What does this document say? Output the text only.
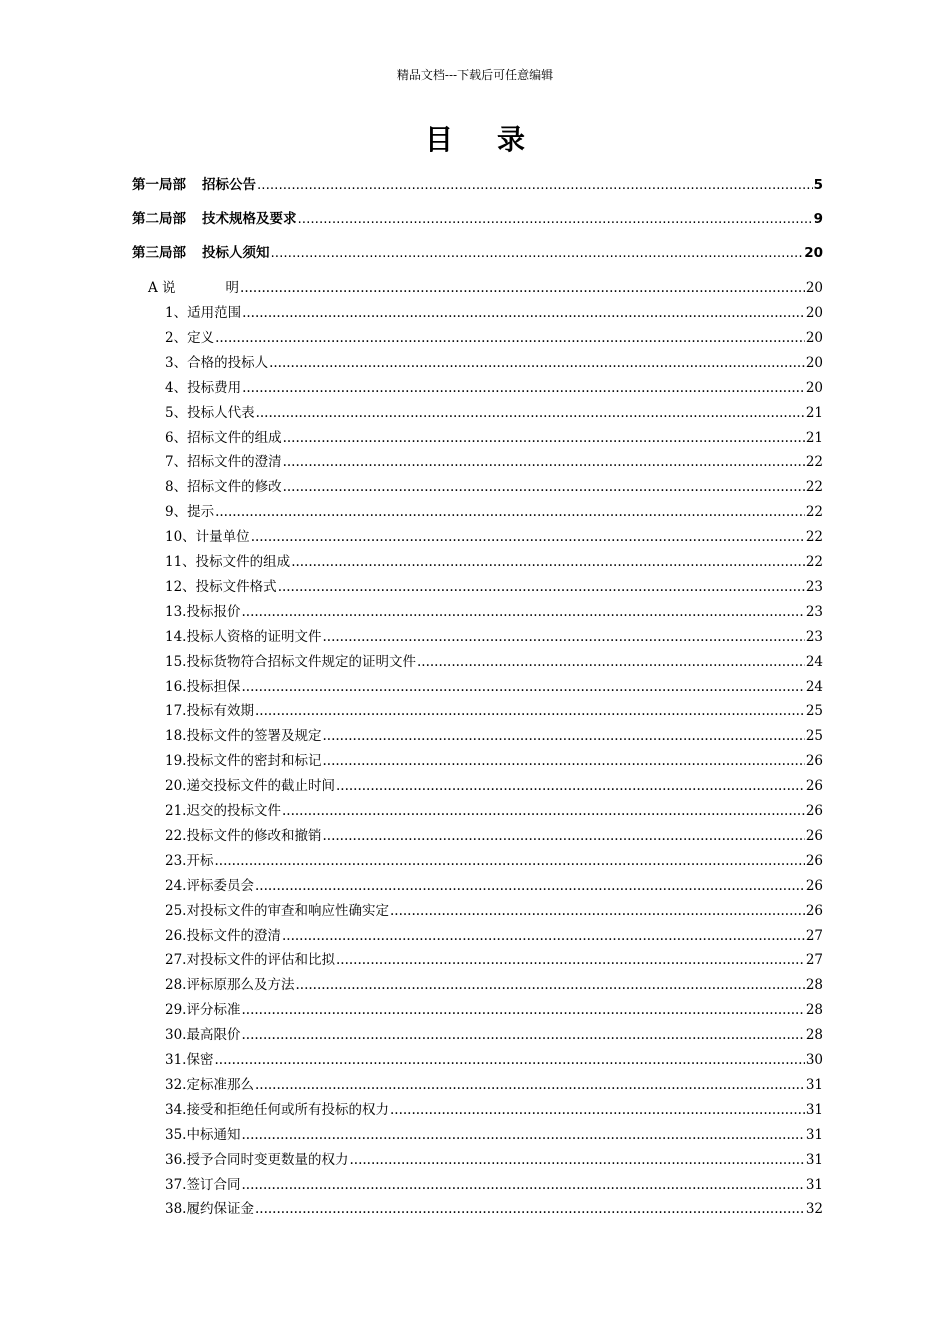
精品文档---下载后可任意编辑
目 录
第一局部 招标公告 .....	5
第二局部 技术规格及要求 .....	9
第三局部 投标人须知 .....	20
A 说	明 .....	20
1、适用范围 .....	20
2、定义 .....	20
3、合格的投标人 .....	20
4、投标费用 .....	20
5、投标人代表 .....	21
6、招标文件的组成 .....	21
7、招标文件的澄清 .....	22
8、招标文件的修改 .....	22
9、提示 .....	22
10、计量单位 .....	22
11、投标文件的组成 .....	22
12、投标文件格式 .....	23
13.投标报价 .....	23
14.投标人资格的证明文件 .....	23
15.投标货物符合招标文件规定的证明文件 .....	24
16.投标担保 .....	24
17.投标有效期 .....	25
18.投标文件的签署及规定 .....	25
19.投标文件的密封和标记 .....	26
20.递交投标文件的截止时间 .....	26
21.迟交的投标文件 .....	26
22.投标文件的修改和撤销 .....	26
23.开标 .....	26
24.评标委员会 .....	26
25.对投标文件的审查和响应性确实定 .....	26
26.投标文件的澄清 .....	27
27.对投标文件的评估和比拟 .....	27
28.评标原那么及方法 .....	28
29.评分标准 .....	28
30.最高限价 .....	28
31.保密 .....	30
32.定标准那么 .....	31
34.接受和拒绝任何或所有投标的权力 .....	31
35.中标通知 .....	31
36.授予合同时变更数量的权力 .....	31
37.签订合同 .....	31
38.履约保证金 .....	32
